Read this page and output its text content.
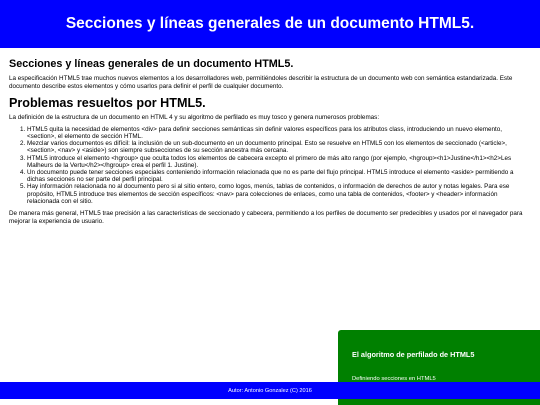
Secciones y líneas generales de un documento HTML5.
Secciones y líneas generales de un documento HTML5.

La especificación HTML5 trae muchos nuevos elementos a los desarrolladores web, permitiéndoles describir la estructura de un documento web con semántica estandarizada. Este documento describe estos elementos y cómo usarlos para definir el perfil de cualquier documento.

Problemas resueltos por HTML5.

La definición de la estructura de un documento en HTML 4 y su algoritmo de perfilado es muy tosco y genera numerosos problemas:

1. HTML5 quita la necesidad de elementos <div> para definir secciones semánticas sin definir valores específicos para los atributos class, introduciendo un nuevo elemento, <section>, el elemento de sección HTML.
2. Mezclar varios documentos es difícil: la inclusión de un sub-documento en un documento principal. Esto se resuelve en HTML5 con los elementos de seccionado (<article>, <section>, <nav> y <aside>) son siempre subsecciones de su sección ancestra más cercana.
3. HTML5 introduce el elemento <hgroup> que oculta todos los elementos de cabecera excepto el primero de más alto rango (por ejemplo, <hgroup><h1>Justine</h1><h2>Les Malheurs de la Vertu</h2></hgroup> crea el perfil 1. Justine).
4. Un documento puede tener secciones especiales conteniendo información relacionada que no es parte del flujo principal. HTML5 introduce el elemento <aside> permitiendo a dichas secciones no ser parte del perfil principal.
5. Hay información relacionada no al documento pero si al sitio entero, como logos, menús, tablas de contenidos, o información de derechos de autor y notas legales. Para ese propósito, HTML5 introduce tres elementos de sección específicos: <nav> para colecciones de enlaces, como una tabla de contenidos, <footer> y <header> información relacionada con el sitio.

De manera más general, HTML5 trae precisión a las características de seccionado y cabecera, permitiendo a los perfiles de documento ser predecibles y usados por el navegador para mejorar la experiencia de usuario.

El algoritmo de perfilado de HTML5
Definiendo secciones en HTML5
Autor: Antonio Gonzalez (C) 2016
